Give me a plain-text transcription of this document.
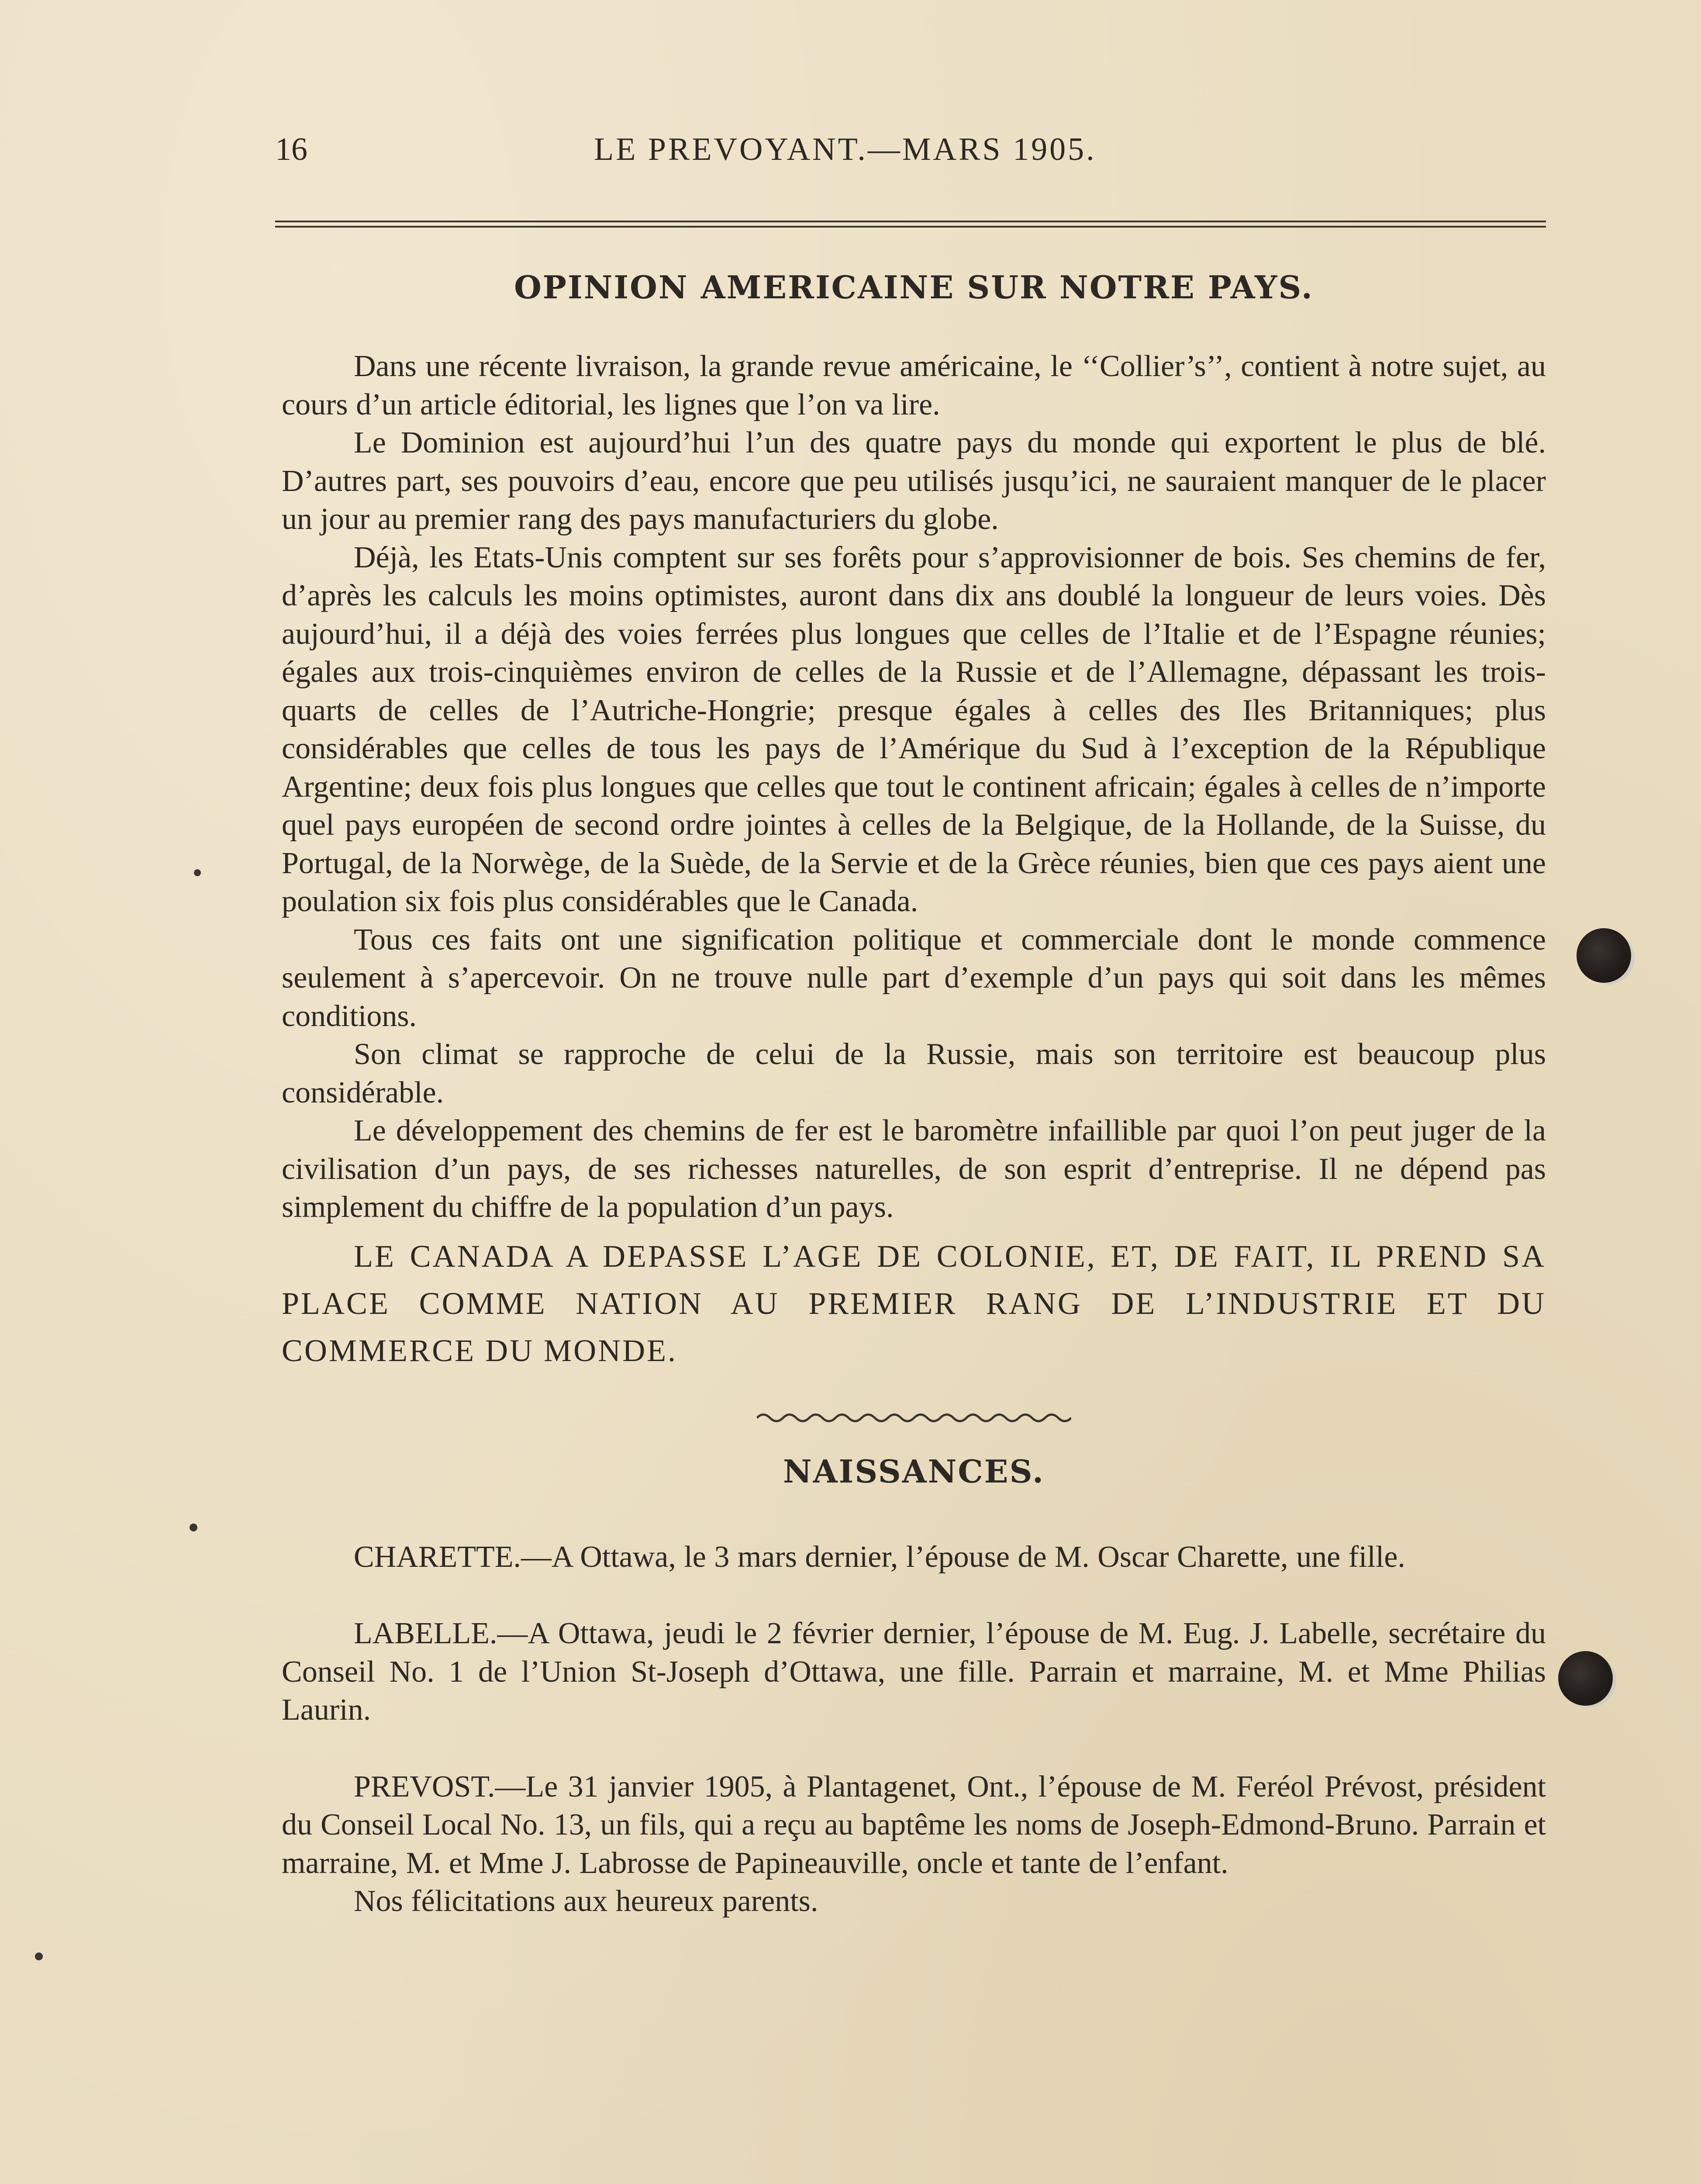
16	LE PREVOYANT.—MARS 1905.
OPINION AMERICAINE SUR NOTRE PAYS.

Dans une récente livraison, la grande revue américaine, le ‘‘Collier’s’’, contient à notre sujet, au cours d’un article éditorial, les lignes que l’on va lire.

Le Dominion est aujourd’hui l’un des quatre pays du monde qui exportent le plus de blé. D’autres part, ses pouvoirs d’eau, encore que peu utilisés jusqu’ici, ne sauraient manquer de le placer un jour au premier rang des pays manufacturiers du globe.

Déjà, les Etats-Unis comptent sur ses forêts pour s’approvisionner de bois. Ses chemins de fer, d’après les calculs les moins optimistes, auront dans dix ans doublé la longueur de leurs voies. Dès aujourd’hui, il a déjà des voies ferrées plus longues que celles de l’Italie et de l’Espagne réunies; égales aux trois-cinquièmes environ de celles de la Russie et de l’Allemagne, dépassant les trois-quarts de celles de l’Autriche-Hongrie; presque égales à celles des Iles Britanniques; plus considérables que celles de tous les pays de l’Amérique du Sud à l’exception de la République Argentine; deux fois plus longues que celles que tout le continent africain; égales à celles de n’importe quel pays européen de second ordre jointes à celles de la Belgique, de la Hollande, de la Suisse, du Portugal, de la Norwège, de la Suède, de la Servie et de la Grèce réunies, bien que ces pays aient une poulation six fois plus considérables que le Canada.

Tous ces faits ont une signification politique et commerciale dont le monde commence seulement à s’apercevoir. On ne trouve nulle part d’exemple d’un pays qui soit dans les mêmes conditions.

Son climat se rapproche de celui de la Russie, mais son territoire est beaucoup plus considérable.

Le développement des chemins de fer est le baromètre infaillible par quoi l’on peut juger de la civilisation d’un pays, de ses richesses naturelles, de son esprit d’entreprise. Il ne dépend pas simplement du chiffre de la population d’un pays.

LE CANADA A DEPASSE L’AGE DE COLONIE, ET, DE FAIT, IL PREND SA PLACE COMME NATION AU PREMIER RANG DE L’INDUSTRIE ET DU COMMERCE DU MONDE.

NAISSANCES.

CHARETTE.—A Ottawa, le 3 mars dernier, l’épouse de M. Oscar Charette, une fille.

LABELLE.—A Ottawa, jeudi le 2 février dernier, l’épouse de M. Eug. J. Labelle, secrétaire du Conseil No. 1 de l’Union St-Joseph d’Ottawa, une fille. Parrain et marraine, M. et Mme Philias Laurin.

PREVOST.—Le 31 janvier 1905, à Plantagenet, Ont., l’épouse de M. Feréol Prévost, président du Conseil Local No. 13, un fils, qui a reçu au baptême les noms de Joseph-Edmond-Bruno. Parrain et marraine, M. et Mme J. Labrosse de Papineauville, oncle et tante de l’enfant.

Nos félicitations aux heureux parents.
